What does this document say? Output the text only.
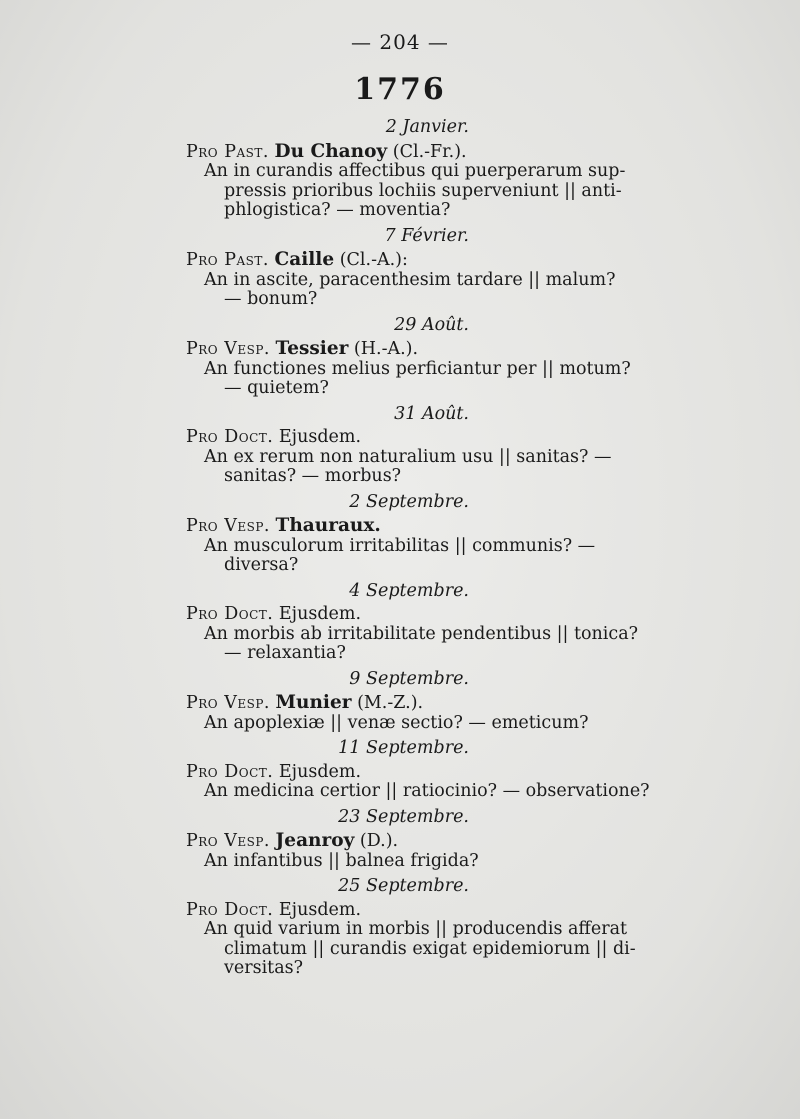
— 204 —
1776
2 Janvier.
Pro Past. Du Chanoy (Cl.-Fr.).
An in curandis affectibus qui puerperarum sup-
pressis prioribus lochiis superveniunt || anti-
phlogistica? — moventia?
7 Février.
Pro Past. Caille (Cl.-A.):
An in ascite, paracenthesim tardare || malum?
— bonum?
29 Août.
Pro Vesp. Tessier (H.-A.).
An functiones melius perficiantur per || motum?
— quietem?
31 Août.
Pro Doct. Ejusdem.
An ex rerum non naturalium usu || sanitas? —
sanitas? — morbus?
2 Septembre.
Pro Vesp. Thauraux.
An musculorum irritabilitas || communis? —
diversa?
4 Septembre.
Pro Doct. Ejusdem.
An morbis ab irritabilitate pendentibus || tonica?
— relaxantia?
9 Septembre.
Pro Vesp. Munier (M.-Z.).
An apoplexiæ || venæ sectio? — emeticum?
11 Septembre.
Pro Doct. Ejusdem.
An medicina certior || ratiocinio? — observatione?
23 Septembre.
Pro Vesp. Jeanroy (D.).
An infantibus || balnea frigida?
25 Septembre.
Pro Doct. Ejusdem.
An quid varium in morbis || producendis afferat
climatum || curandis exigat epidemiorum || di-
versitas?
